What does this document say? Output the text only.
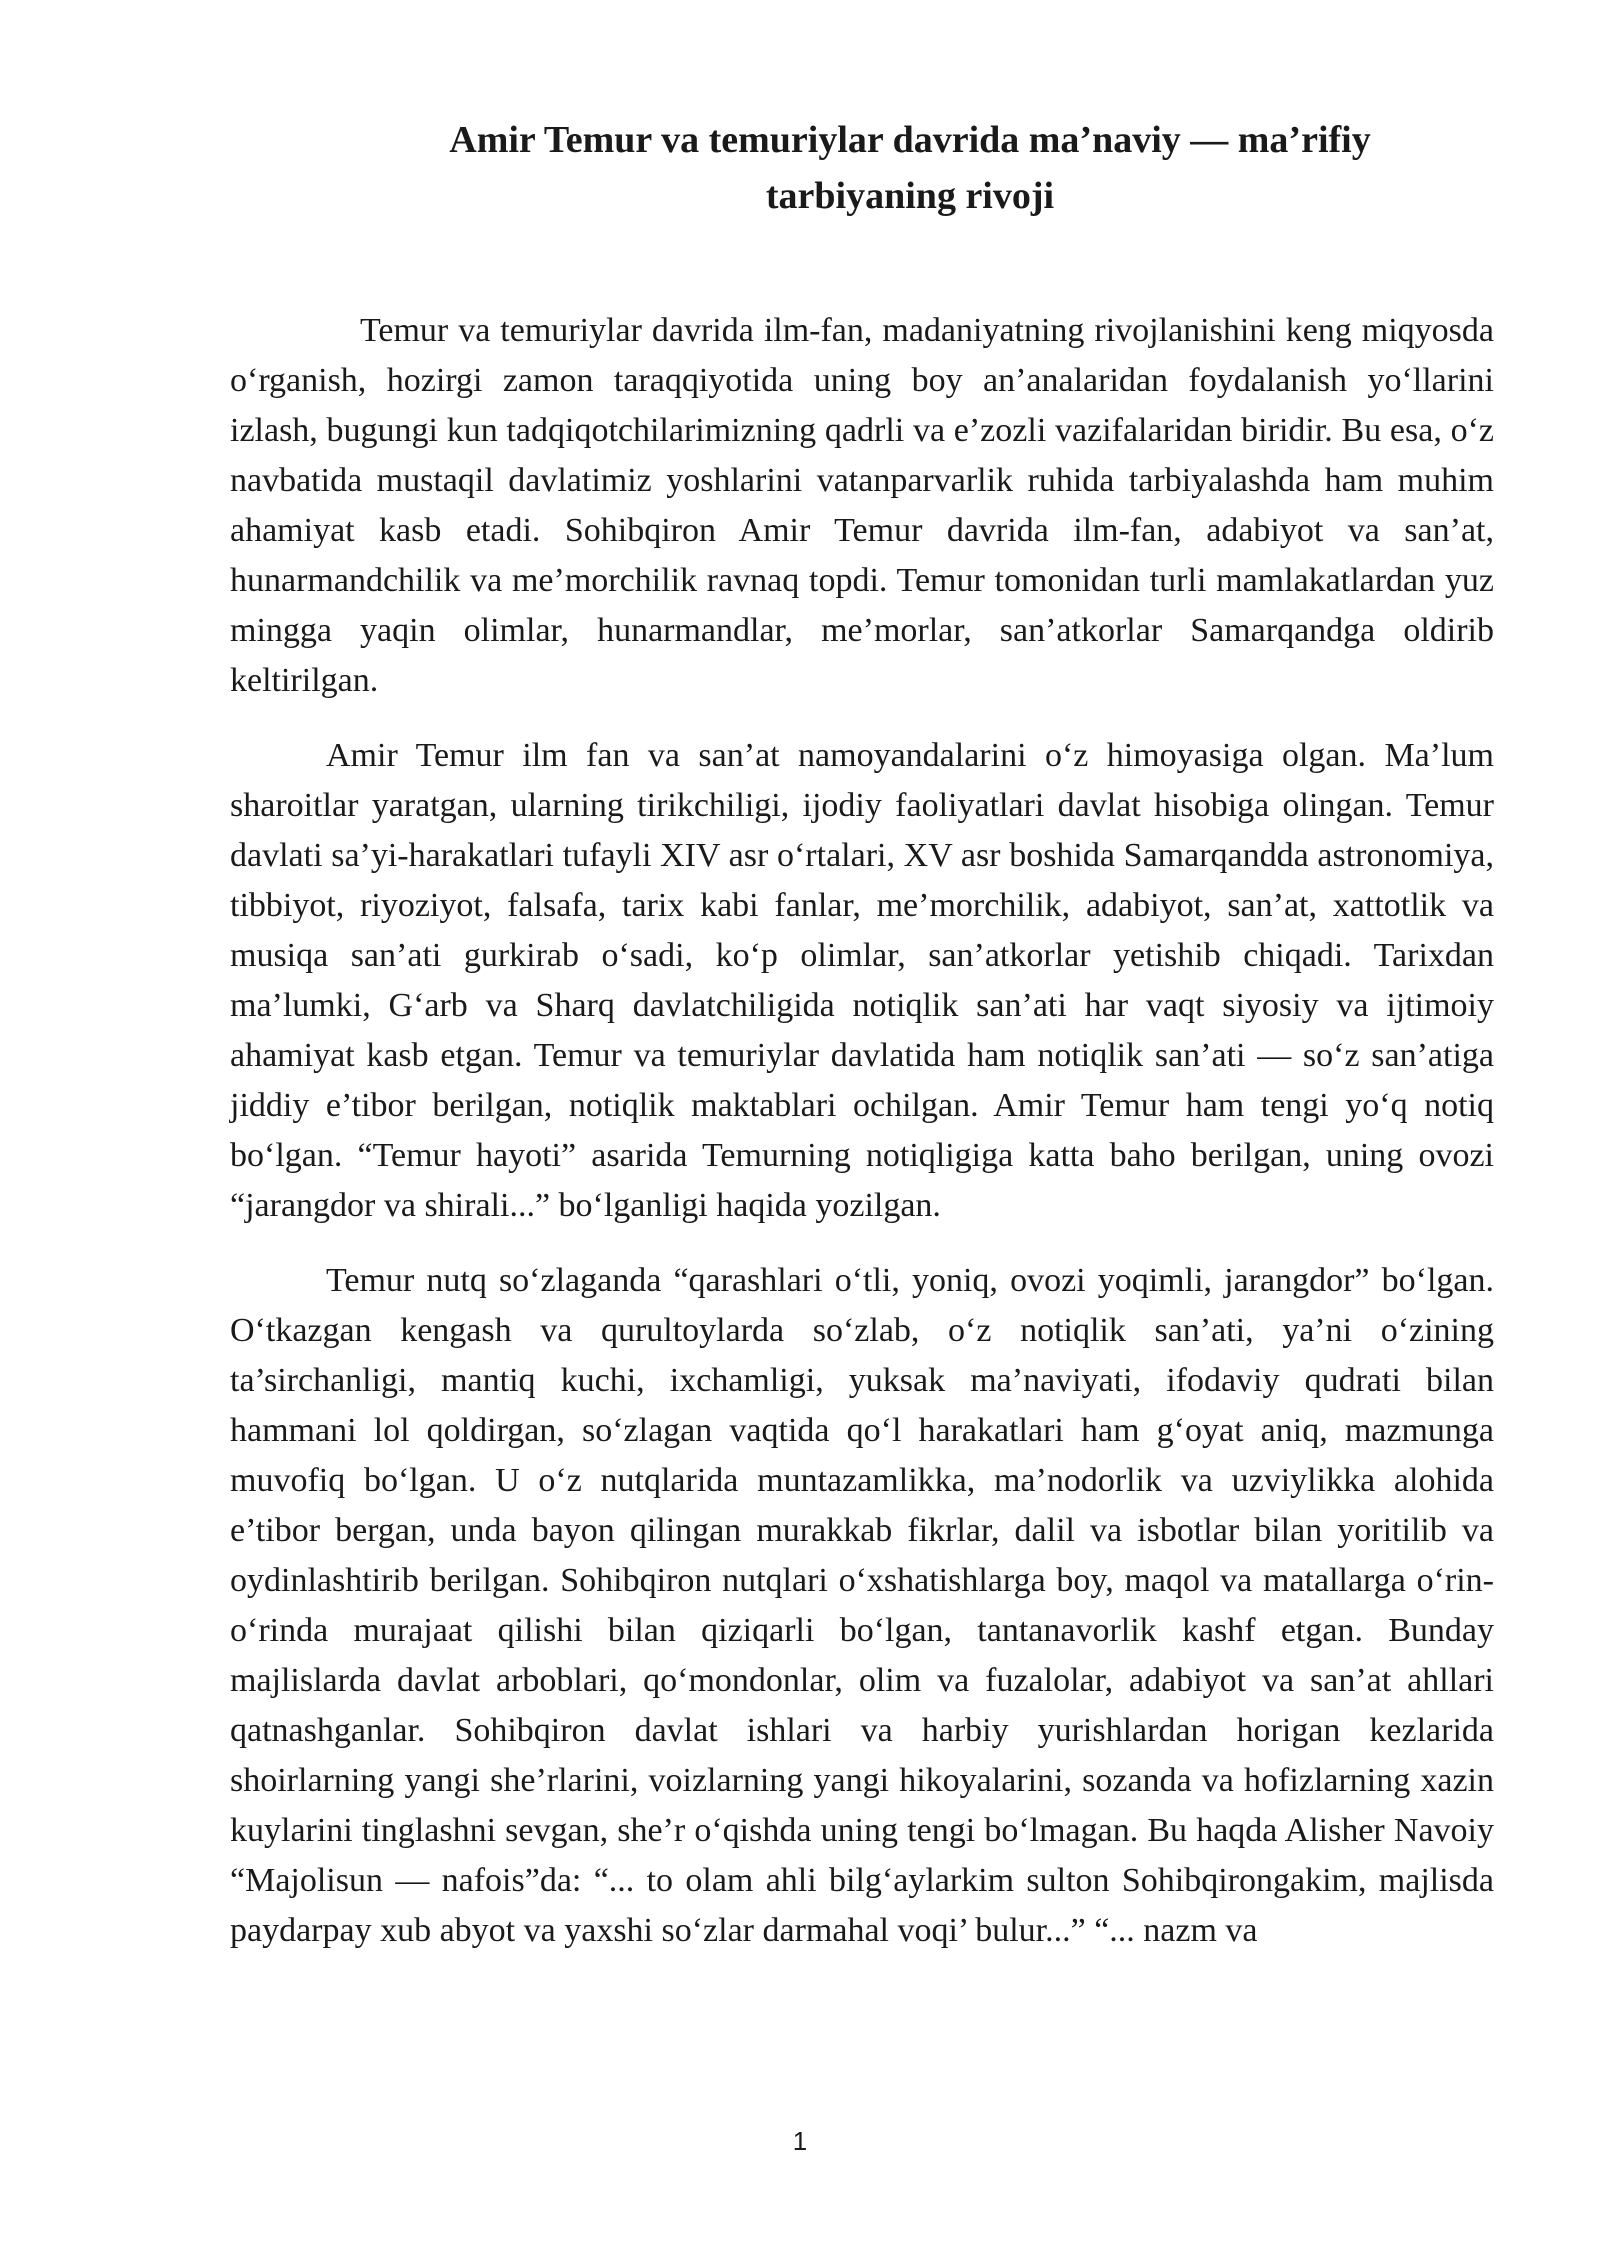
Amir Temur va temuriylar davrida ma’naviy — ma’rifiy
tarbiyaning rivoji

Temur va temuriylar davrida ilm-fan, madaniyatning rivojlanishini keng miqyosda o‘rganish, hozirgi zamon taraqqiyotida uning boy an’analaridan foydalanish yo‘llarini izlash, bugungi kun tadqiqotchilarimizning qadrli va e’zozli vazifalaridan biridir. Bu esa, o‘z navbatida mustaqil davlatimiz yoshlarini vatanparvarlik ruhida tarbiyalashda ham muhim ahamiyat kasb etadi. Sohibqiron Amir Temur davrida ilm-fan, adabiyot va san’at, hunarmandchilik va me’morchilik ravnaq topdi. Temur tomonidan turli mamlakatlardan yuz mingga yaqin olimlar, hunarmandlar, me’morlar, san’atkorlar Samarqandga oldirib keltirilgan.

Amir Temur ilm fan va san’at namoyandalarini o‘z himoyasiga olgan. Ma’lum sharoitlar yaratgan, ularning tirikchiligi, ijodiy faoliyatlari davlat hisobiga olingan. Temur davlati sa’yi-harakatlari tufayli XIV asr o‘rtalari, XV asr boshida Samarqandda astronomiya, tibbiyot, riyoziyot, falsafa, tarix kabi fanlar, me’morchilik, adabiyot, san’at, xattotlik va musiqa san’ati gurkirab o‘sadi, ko‘p olimlar, san’atkorlar yetishib chiqadi. Tarixdan ma’lumki, G‘arb va Sharq davlatchiligida notiqlik san’ati har vaqt siyosiy va ijtimoiy ahamiyat kasb etgan. Temur va temuriylar davlatida ham notiqlik san’ati — so‘z san’atiga jiddiy e’tibor berilgan, notiqlik maktablari ochilgan. Amir Temur ham tengi yo‘q notiq bo‘lgan. “Temur hayoti” asarida Temurning notiqligiga katta baho berilgan, uning ovozi “jarangdor va shirali...” bo‘lganligi haqida yozilgan.

Temur nutq so‘zlaganda “qarashlari o‘tli, yoniq, ovozi yoqimli, jarangdor” bo‘lgan. O‘tkazgan kengash va qurultoylarda so‘zlab, o‘z notiqlik san’ati, ya’ni o‘zining ta’sirchanligi, mantiq kuchi, ixchamligi, yuksak ma’naviyati, ifodaviy qudrati bilan hammani lol qoldirgan, so‘zlagan vaqtida qo‘l harakatlari ham g‘oyat aniq, mazmunga muvofiq bo‘lgan. U o‘z nutqlarida muntazamlikka, ma’nodorlik va uzviylikka alohida e’tibor bergan, unda bayon qilingan murakkab fikrlar, dalil va isbotlar bilan yoritilib va oydinlashtirib berilgan. Sohibqiron nutqlari o‘xshatishlarga boy, maqol va matallarga o‘rin-o‘rinda murajaat qilishi bilan qiziqarli bo‘lgan, tantanavorlik kashf etgan. Bunday majlislarda davlat arboblari, qo‘mondonlar, olim va fuzalolar, adabiyot va san’at ahllari qatnashganlar. Sohibqiron davlat ishlari va harbiy yurishlardan horigan kezlarida shoirlarning yangi she’rlarini, voizlarning yangi hikoyalarini, sozanda va hofizlarning xazin kuylarini tinglashni sevgan, she’r o‘qishda uning tengi bo‘lmagan. Bu haqda Alisher Navoiy “Majolisun — nafois”da: “... to olam ahli bilg‘aylarkim sulton Sohibqirongakim, majlisda paydarpay xub abyot va yaxshi so‘zlar darmahal voqi’ bulur...” “... nazm va

1
